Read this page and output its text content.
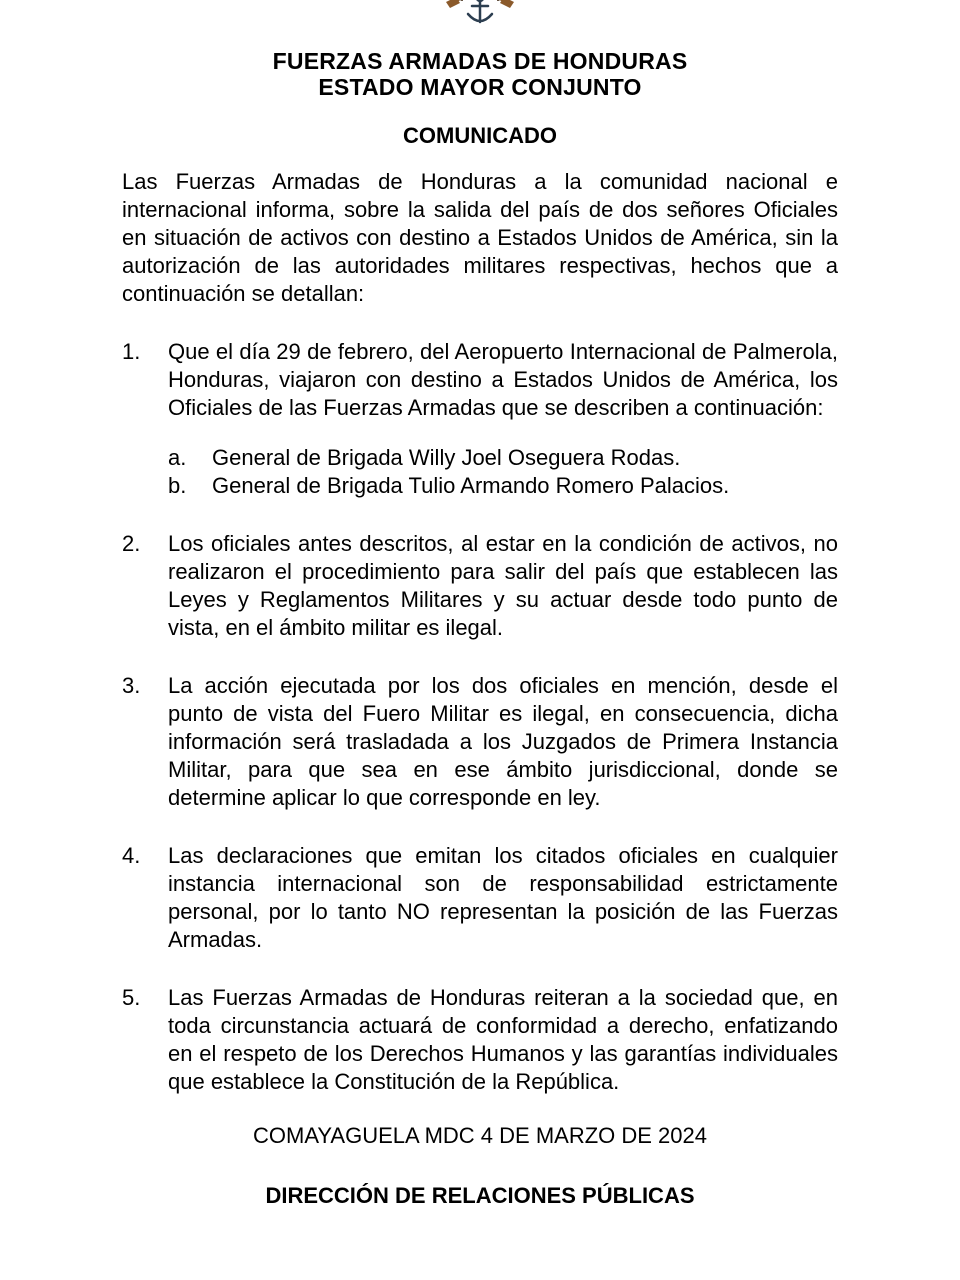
FUERZAS ARMADAS DE HONDURAS
ESTADO MAYOR CONJUNTO
COMUNICADO

Las Fuerzas Armadas de Honduras a la comunidad nacional e internacional informa, sobre la salida del país de dos señores Oficiales en situación de activos con destino a Estados Unidos de América, sin la autorización de las autoridades militares respectivas, hechos que a continuación se detallan:

1.	Que el día 29 de febrero, del Aeropuerto Internacional de Palmerola, Honduras, viajaron con destino a Estados Unidos de América, los Oficiales de las Fuerzas Armadas que se describen a continuación:
a.	General de Brigada Willy Joel Oseguera Rodas.
b.	General de Brigada Tulio Armando Romero Palacios.
2.	Los oficiales antes descritos, al estar en la condición de activos, no realizaron el procedimiento para salir del país que establecen las Leyes y Reglamentos Militares y su actuar desde todo punto de vista, en el ámbito militar es ilegal.
3.	La acción ejecutada por los dos oficiales en mención, desde el punto de vista del Fuero Militar es ilegal, en consecuencia, dicha información será trasladada a los Juzgados de Primera Instancia Militar, para que sea en ese ámbito jurisdiccional, donde se determine aplicar lo que corresponde en ley.
4.	Las declaraciones que emitan los citados oficiales en cualquier instancia internacional son de responsabilidad estrictamente personal, por lo tanto NO representan la posición de las Fuerzas Armadas.
5.	Las Fuerzas Armadas de Honduras reiteran a la sociedad que, en toda circunstancia actuará de conformidad a derecho, enfatizando en el respeto de los Derechos Humanos y las garantías individuales que establece la Constitución de la República.
COMAYAGUELA MDC 4 DE MARZO DE 2024
DIRECCIÓN DE RELACIONES PÚBLICAS
